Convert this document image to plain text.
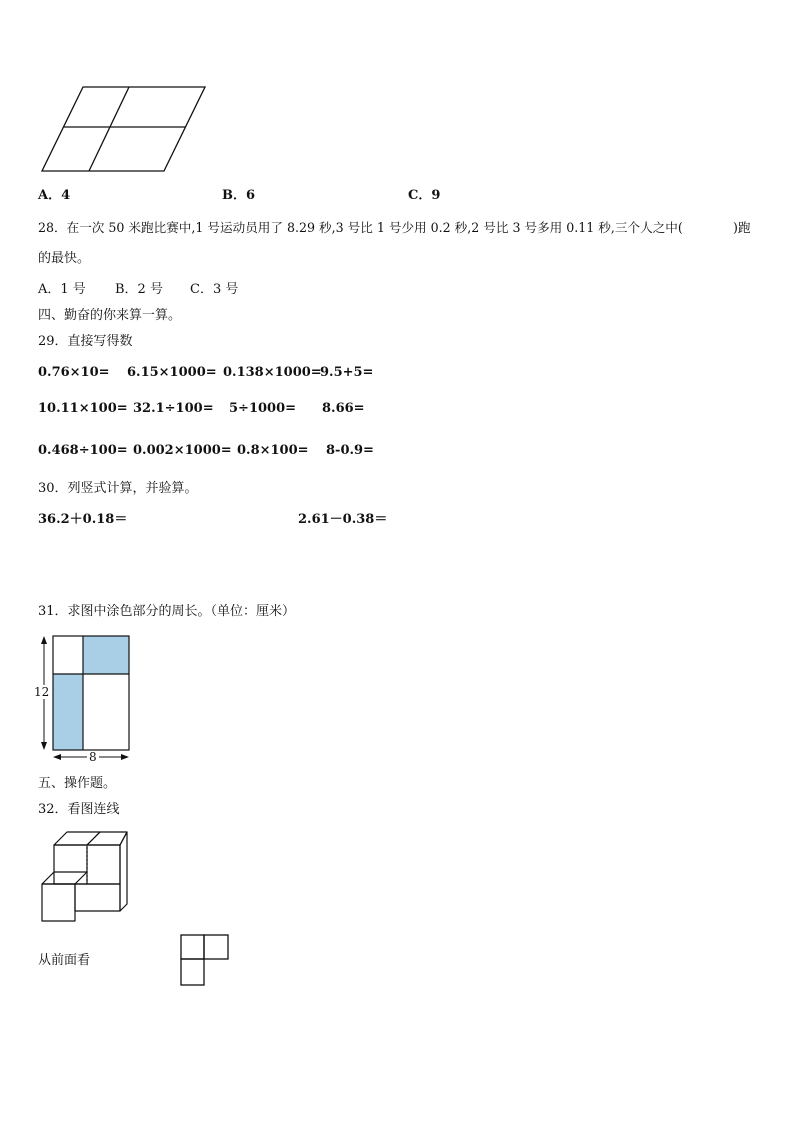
A．4	B．6	C．9
28．在一次 50 米跑比赛中,1 号运动员用了 8.29 秒,3 号比 1 号少用 0.2 秒,2 号比 3 号多用 0.11 秒,三个人之中(	)跑
的最快。
A．1 号 B．2 号 C．3 号
四、勤奋的你来算一算。
29．直接写得数
0.76×10= 6.15×1000= 0.138×1000=
9.5+5=
10.11×100= 32.1÷100= 5÷1000= 8.66=
0.468÷100= 0.002×1000= 0.8×100= 8-0.9=
30．列竖式计算，并验算。
36.2＋0.18＝	2.61－0.38＝
31．求图中涂色部分的周长。（单位：厘米）
12
8
五、操作题。
32．看图连线
从前面看
